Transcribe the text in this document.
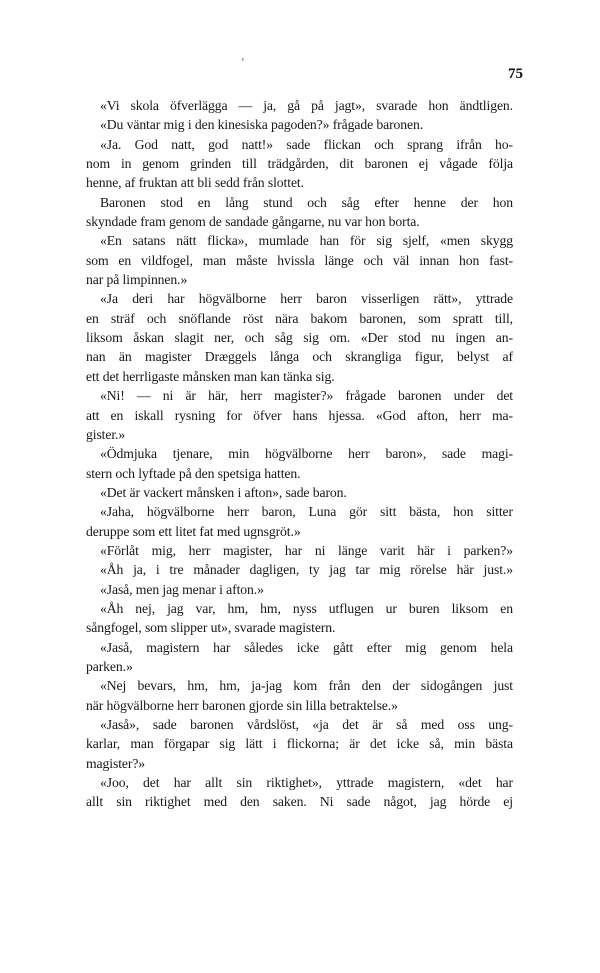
’
75
«Vi skola öfverlägga — ja, gå på jagt», svarade hon ändtligen.
«Du väntar mig i den kinesiska pagoden?» frågade baronen.
«Ja. God natt, god natt!» sade flickan och sprang ifrån ho-
nom in genom grinden till trädgården, dit baronen ej vågade följa
henne, af fruktan att bli sedd från slottet.
Baronen stod en lång stund och såg efter henne der hon
skyndade fram genom de sandade gångarne, nu var hon borta.
«En satans nätt flicka», mumlade han för sig sjelf, «men skygg
som en vildfogel, man måste hvissla länge och väl innan hon fast-
nar på limpinnen.»
«Ja deri har högvälborne herr baron visserligen rätt», yttrade
en sträf och snöflande röst nära bakom baronen, som spratt till,
liksom åskan slagit ner, och såg sig om. «Der stod nu ingen an-
nan än magister Dræggels långa och skrangliga figur, belyst af
ett det herrligaste månsken man kan tänka sig.
«Ni! — ni är här, herr magister?» frågade baronen under det
att en iskall rysning for öfver hans hjessa. «God afton, herr ma-
gister.»
«Ödmjuka tjenare, min högvälborne herr baron», sade magi-
stern och lyftade på den spetsiga hatten.
«Det är vackert månsken i afton», sade baron.
«Jaha, högvälborne herr baron, Luna gör sitt bästa, hon sitter
deruppe som ett litet fat med ugnsgröt.»
«Förlåt mig, herr magister, har ni länge varit här i parken?»
«Åh ja, i tre månader dagligen, ty jag tar mig rörelse här just.»
«Jaså, men jag menar i afton.»
«Åh nej, jag var, hm, hm, nyss utflugen ur buren liksom en
sångfogel, som slipper ut», svarade magistern.
«Jaså, magistern har således icke gått efter mig genom hela
parken.»
«Nej bevars, hm, hm, ja-jag kom från den der sidogången just
när högvälborne herr baronen gjorde sin lilla betraktelse.»
«Jaså», sade baronen vårdslöst, «ja det är så med oss ung-
karlar, man förgapar sig lätt i flickorna; är det icke så, min bästa
magister?»
«Joo, det har allt sin riktighet», yttrade magistern, «det har
allt sin riktighet med den saken. Ni sade något, jag hörde ej
